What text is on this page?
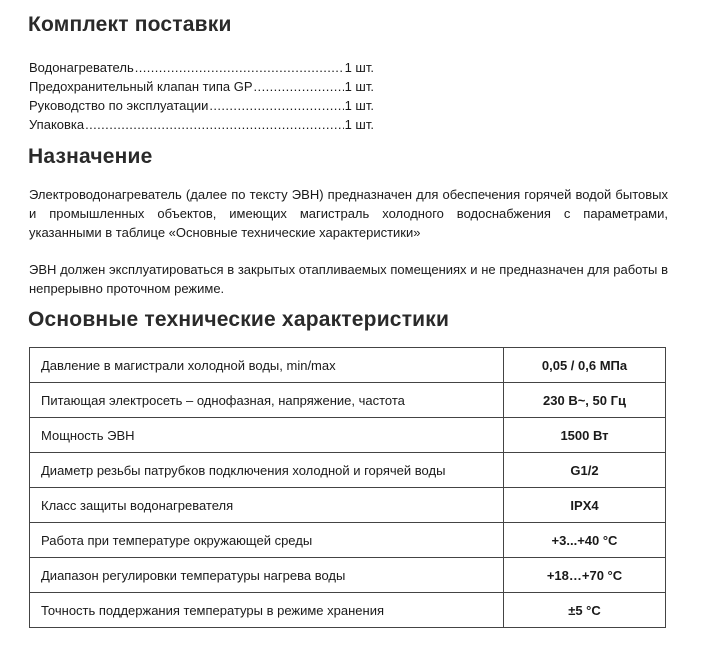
Комплект поставки
Водонагреватель .....	1 шт.
Предохранительный клапан типа GP .....	1 шт.
Руководство по эксплуатации .....	1 шт.
Упаковка .....	1 шт.
Назначение

Электроводонагреватель (далее по тексту ЭВН) предназначен для обеспечения горячей водой бытовых и промышленных объектов, имеющих магистраль холодного водоснабжения с параметрами, указанными в таблице «Основные технические характеристики»

ЭВН должен эксплуатироваться в закрытых отапливаемых помещениях и не предназначен для работы в непрерывно проточном режиме.

Основные технические характеристики
Давление в магистрали холодной воды, min/max	0,05 / 0,6 МПа
Питающая электросеть – однофазная, напряжение, частота	230 В~, 50 Гц
Мощность ЭВН	1500 Вт
Диаметр резьбы патрубков подключения холодной и горячей воды	G1/2
Класс защиты водонагревателя	IPX4
Работа при температуре окружающей среды	+3...+40 °C
Диапазон регулировки температуры нагрева воды	+18…+70 °C
Точность поддержания температуры в режиме хранения	±5 °C
